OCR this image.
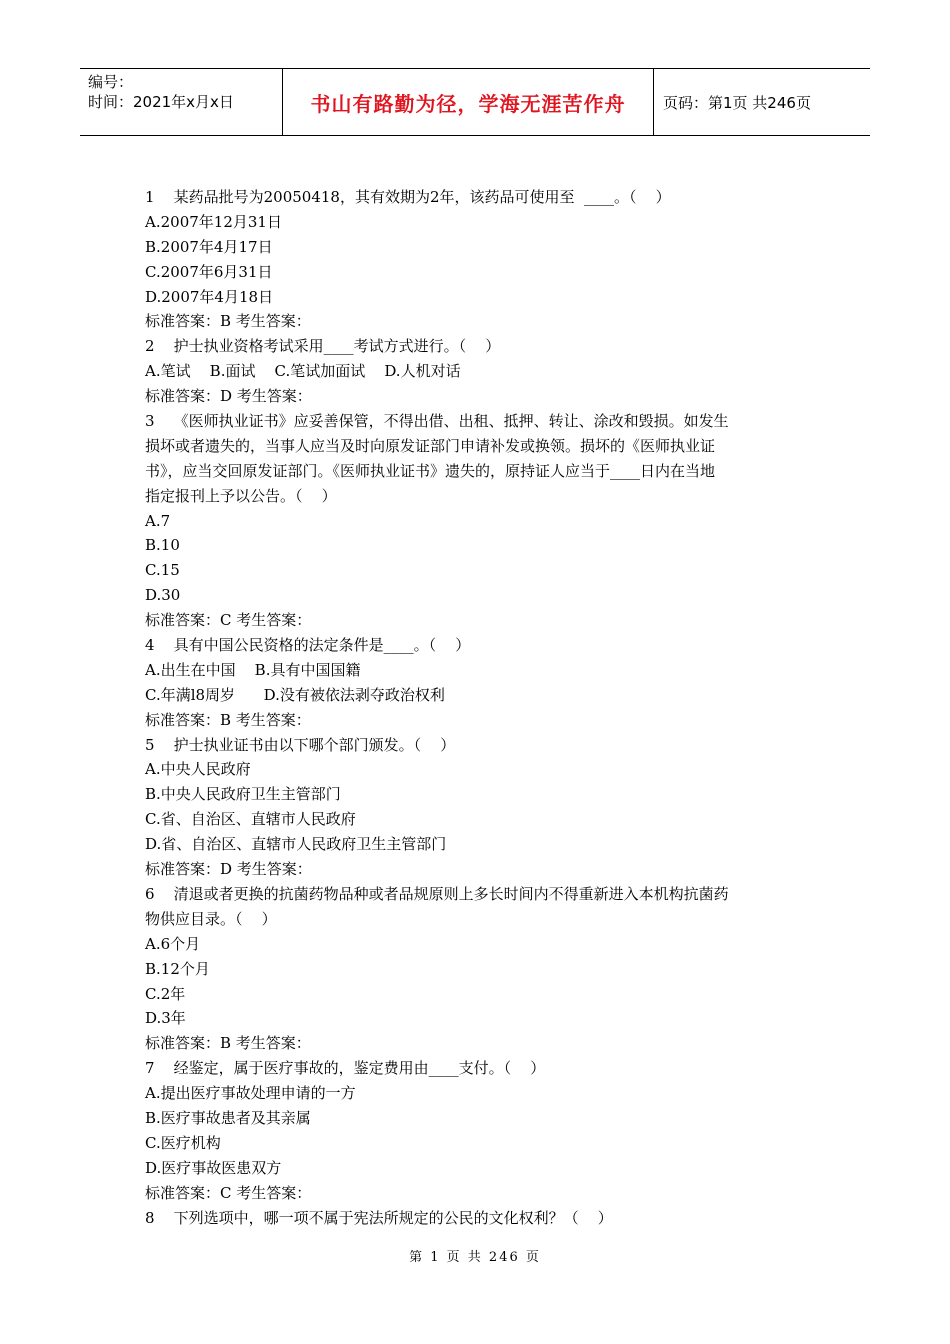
编号：
时间：2021年x月x日	书山有路勤为径，学海无涯苦作舟	页码：第1页 共246页
1    某药品批号为20050418，其有效期为2年，该药品可使用至  ____。（    ）
A.2007年12月31日
B.2007年4月17日
C.2007年6月31日
D.2007年4月18日
标准答案：B 考生答案：
2    护士执业资格考试采用____考试方式进行。（    ）
A.笔试    B.面试    C.笔试加面试    D.人机对话
标准答案：D 考生答案：
3    《医师执业证书》应妥善保管，不得出借、出租、抵押、转让、涂改和毁损。如发生
损坏或者遗失的，当事人应当及时向原发证部门申请补发或换领。损坏的《医师执业证
书》，应当交回原发证部门。《医师执业证书》遗失的，原持证人应当于____日内在当地
指定报刊上予以公告。（    ）
A.7
B.10
C.15
D.30
标准答案：C 考生答案：
4    具有中国公民资格的法定条件是____。（    ）
A.出生在中国    B.具有中国国籍
C.年满l8周岁      D.没有被依法剥夺政治权利
标准答案：B 考生答案：
5    护士执业证书由以下哪个部门颁发。（    ）
A.中央人民政府
B.中央人民政府卫生主管部门
C.省、自治区、直辖市人民政府
D.省、自治区、直辖市人民政府卫生主管部门
标准答案：D 考生答案：
6    清退或者更换的抗菌药物品种或者品规原则上多长时间内不得重新进入本机构抗菌药
物供应目录。（    ）
A.6个月
B.12个月
C.2年
D.3年
标准答案：B 考生答案：
7    经鉴定，属于医疗事故的，鉴定费用由____支付。（    ）
A.提出医疗事故处理申请的一方
B.医疗事故患者及其亲属
C.医疗机构
D.医疗事故医患双方
标准答案：C 考生答案：
8    下列选项中，哪一项不属于宪法所规定的公民的文化权利？（    ）
第 1 页 共 246 页
